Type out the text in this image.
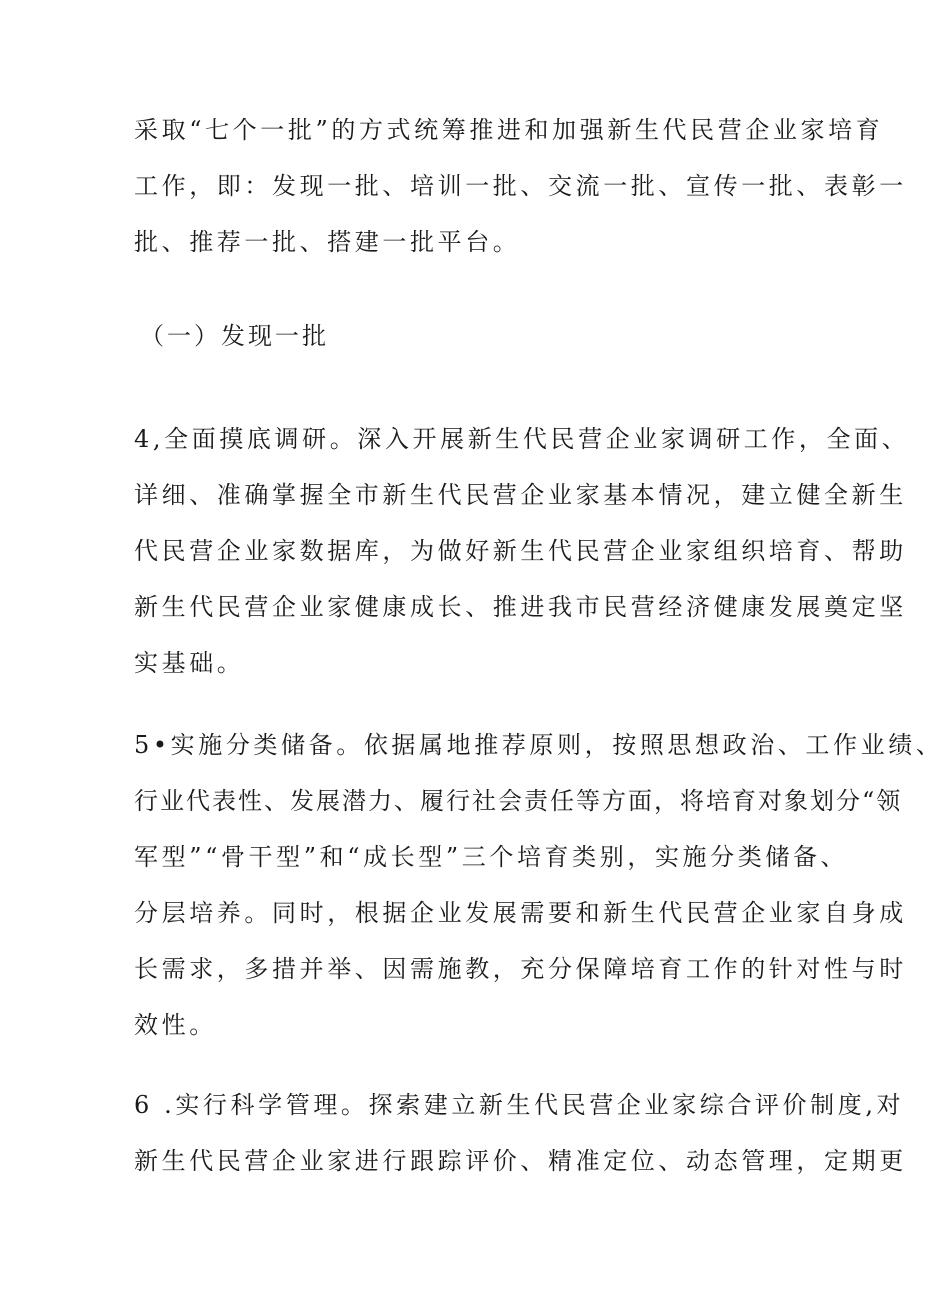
采取“七个一批”的方式统筹推进和加强新生代民营企业家培育
工作，即：发现一批、培训一批、交流一批、宣传一批、表彰一
批、推荐一批、搭建一批平台。
（一）发现一批
4,全面摸底调研。深入开展新生代民营企业家调研工作，全面、
详细、准确掌握全市新生代民营企业家基本情况，建立健全新生
代民营企业家数据库，为做好新生代民营企业家组织培育、帮助
新生代民营企业家健康成长、推进我市民营经济健康发展奠定坚
实基础。
5•实施分类储备。依据属地推荐原则，按照思想政治、工作业绩、
行业代表性、发展潜力、履行社会责任等方面，将培育对象划分“领
军型”“骨干型”和“成长型”三个培育类别，实施分类储备、
分层培养。同时，根据企业发展需要和新生代民营企业家自身成
长需求，多措并举、因需施教，充分保障培育工作的针对性与时
效性。
6 .实行科学管理。探索建立新生代民营企业家综合评价制度,对
新生代民营企业家进行跟踪评价、精准定位、动态管理，定期更
